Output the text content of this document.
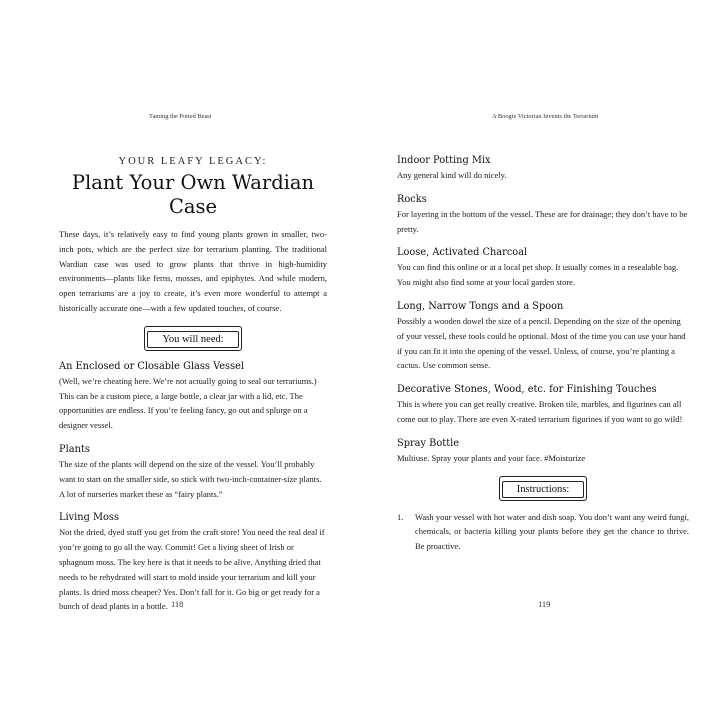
Taming the Potted Beast
YOUR LEAFY LEGACY:
Plant Your Own Wardian Case

These days, it’s relatively easy to find young plants grown in smaller, two-inch pots, which are the perfect size for terrarium planting. The traditional Wardian case was used to grow plants that thrive in high-humidity environments—plants like ferns, mosses, and epiphytes. And while modern, open terrariums are a joy to create, it’s even more wonderful to attempt a historically accurate one—with a few updated touches, of course.

You will need:
An Enclosed or Closable Glass Vessel

(Well, we’re cheating here. We’re not actually going to seal our terrariums.) This can be a custom piece, a large bottle, a clear jar with a lid, etc. The opportunities are endless. If you’re feeling fancy, go out and splurge on a designer vessel.

Plants

The size of the plants will depend on the size of the vessel. You’ll probably want to start on the smaller side, so stick with two-inch-container-size plants. A lot of nurseries market these as “fairy plants.”

Living Moss

Not the dried, dyed stuff you get from the craft store! You need the real deal if you’re going to go all the way. Commit! Get a living sheet of Irish or sphagnum moss. The key here is that it needs to be alive. Anything dried that needs to be rehydrated will start to mold inside your terrarium and kill your plants. Is dried moss cheaper? Yes. Don’t fall for it. Go big or get ready for a bunch of dead plants in a bottle. 118
A Boogie Victorian Invents the Terrarium
Indoor Potting Mix

Any general kind will do nicely.

Rocks

For layering in the bottom of the vessel. These are for drainage; they don’t have to be pretty.

Loose, Activated Charcoal

You can find this online or at a local pet shop. It usually comes in a resealable bag. You might also find some at your local garden store.

Long, Narrow Tongs and a Spoon

Possibly a wooden dowel the size of a pencil. Depending on the size of the opening of your vessel, these tools could be optional. Most of the time you can use your hand if you can fit it into the opening of the vessel. Unless, of course, you’re planting a cactus. Use common sense.

Decorative Stones, Wood, etc. for Finishing Touches

This is where you can get really creative. Broken tile, marbles, and figurines can all come out to play. There are even X-rated terrarium figurines if you want to go wild!

Spray Bottle

Multiuse. Spray your plants and your face. #Moisturize

Instructions:
1.	Wash your vessel with hot water and dish soap. You don’t want any weird fungi, chemicals, or bacteria killing your plants before they get the chance to thrive. Be proactive.
119
